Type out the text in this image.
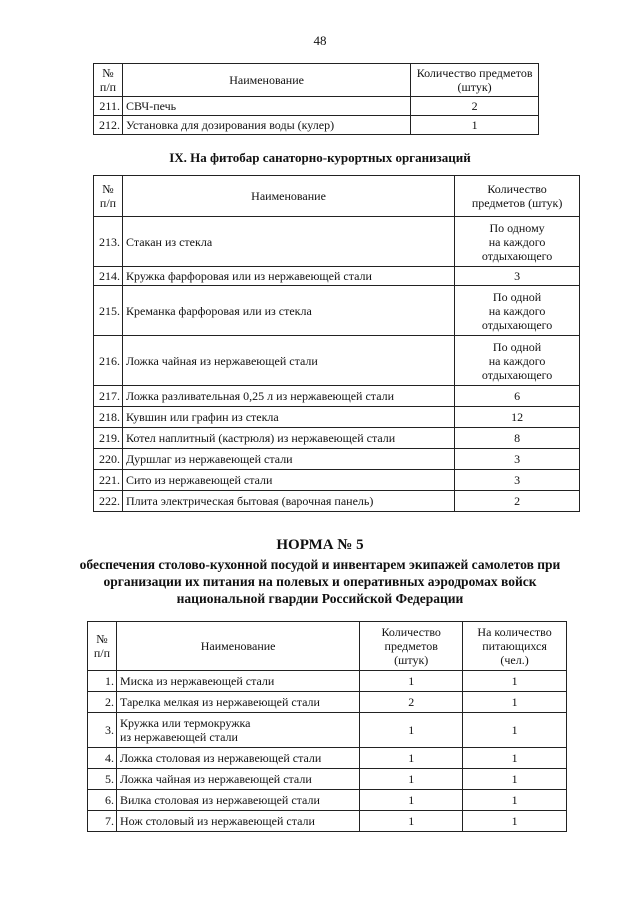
48
№
п/п	Наименование	Количество предметов
(штук)
211.	СВЧ-печь	2
212.	Установка для дозирования воды (кулер)	1
IX. На фитобар санаторно-курортных организаций
№
п/п	Наименование	Количество
предметов (штук)
213.	Стакан из стекла	По одному
на каждого
отдыхающего
214.	Кружка фарфоровая или из нержавеющей стали	3
215.	Креманка фарфоровая или из стекла	По одной
на каждого
отдыхающего
216.	Ложка чайная из нержавеющей стали	По одной
на каждого
отдыхающего
217.	Ложка разливательная 0,25 л из нержавеющей стали	6
218.	Кувшин или графин из стекла	12
219.	Котел наплитный (кастрюля) из нержавеющей стали	8
220.	Дуршлаг из нержавеющей стали	3
221.	Сито из нержавеющей стали	3
222.	Плита электрическая бытовая (варочная панель)	2
НОРМА № 5
обеспечения столово-кухонной посудой и инвентарем экипажей самолетов при организации их питания на полевых и оперативных аэродромах войск национальной гвардии Российской Федерации
№
п/п	Наименование	Количество
предметов
(штук)	На количество
питающихся
(чел.)
1.	Миска из нержавеющей стали	1	1
2.	Тарелка мелкая из нержавеющей стали	2	1
3.	Кружка или термокружка
из нержавеющей стали	1	1
4.	Ложка столовая из нержавеющей стали	1	1
5.	Ложка чайная из нержавеющей стали	1	1
6.	Вилка столовая из нержавеющей стали	1	1
7.	Нож столовый из нержавеющей стали	1	1
